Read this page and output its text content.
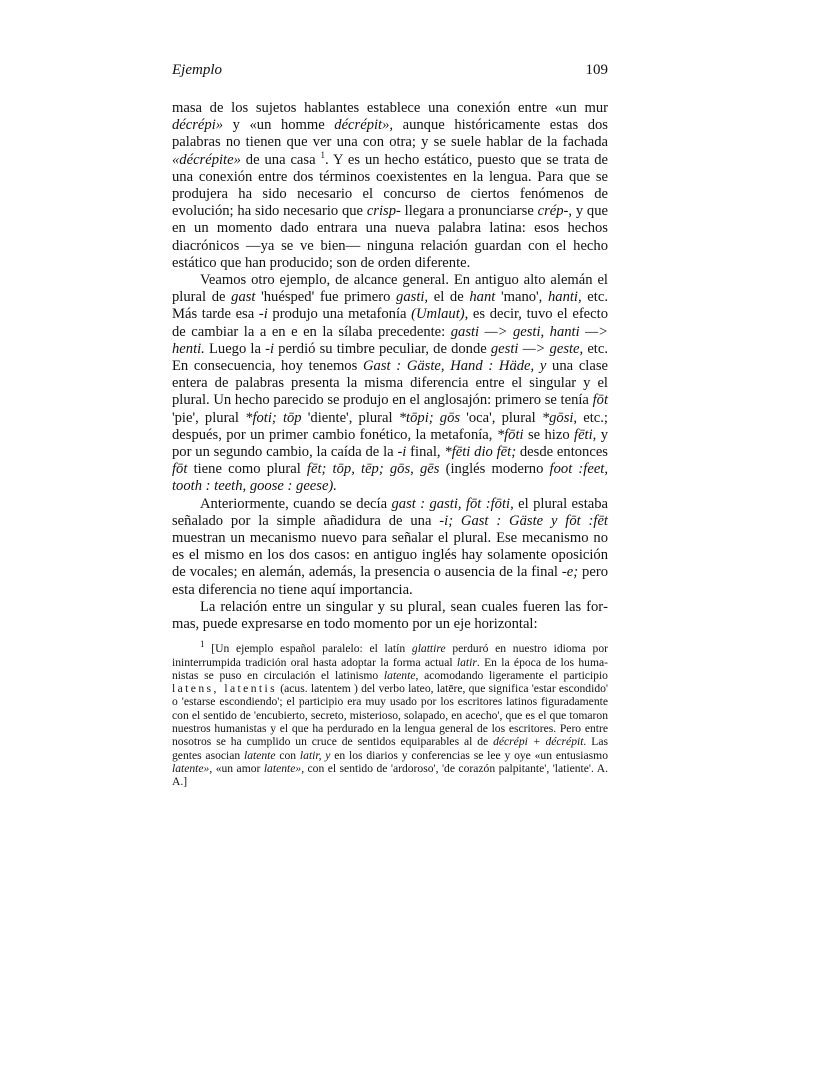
Ejemplo	109

masa de los sujetos hablantes establece una conexión entre «un mur décrépi» y «un homme décrépit», aunque históricamente estas dos palabras no tienen que ver una con otra; y se suele hablar de la fachada «décrépite» de una casa $^1$. Y es un hecho estático, puesto que se trata de una conexión entre dos términos coexistentes en la lengua. Para que se produjera ha sido necesario el concurso de ciertos fenómenos de evolución; ha sido necesario que crisp- llegara a pronunciarse crép-, y que en un momento dado entrara una nueva palabra latina: esos hechos diacrónicos —ya se ve bien— ninguna relación guardan con el hecho estático que han producido; son de orden diferente.

Veamos otro ejemplo, de alcance general. En antiguo alto alemán el plural de gast 'huésped' fue primero gasti, el de hant 'mano', hanti, etc. Más tarde esa -i produjo una metafonía (Umlaut), es decir, tuvo el efecto de cambiar la a en e en la sílaba precedente: gasti —> gesti, hanti —> henti. Luego la -i perdió su timbre peculiar, de donde gesti —> geste, etc. En consecuencia, hoy tenemos Gast : Gäste, Hand : Häde, y una clase entera de palabras presenta la misma diferencia entre el singular y el plural. Un hecho parecido se produjo en el anglosajón: primero se tenía fōt 'pie', plural *foti; tōp 'diente', plural *tōpi; gōs 'oca', plural *gōsi, etc.; después, por un primer cambio fonético, la metafonía, *fōti se hizo fēti, y por un segundo cambio, la caída de la -i final, *fēti dio fēt; desde entonces fōt tiene como plural fēt; tōp, tēp; gōs, gēs (inglés moderno foot :feet, tooth : teeth, goose : geese).

Anteriormente, cuando se decía gast : gasti, fōt :fōti, el plural estaba señalado por la simple añadidura de una -i; Gast : Gäste y fōt :fēt muestran un mecanismo nuevo para señalar el plural. Ese mecanismo no es el mismo en los dos casos: en antiguo inglés hay solamente oposición de vocales; en alemán, además, la presencia o ausencia de la final -e; pero esta diferencia no tiene aquí importancia.

La relación entre un singular y su plural, sean cuales fueren las formas, puede expresarse en todo momento por un eje horizontal:

$^1$ [Un ejemplo español paralelo: el latín glattire perduró en nuestro idioma por ininterrumpida tradición oral hasta adoptar la forma actual latir. En la época de los humanistas se puso en circulación el latinismo latente, acomodando ligeramente el participio latens, latentis (acus. latentem ) del verbo lateo, latēre, que significa 'estar escondido' o 'estarse escondiendo'; el participio era muy usado por los escritores latinos figuradamente con el sentido de 'encubierto, secreto, misterioso, solapado, en acecho', que es el que tomaron nuestros humanistas y el que ha perdurado en la lengua general de los escritores. Pero entre nosotros se ha cumplido un cruce de sentidos equiparables al de décrépi + décrépit. Las gentes asocian latente con latir, y en los diarios y conferencias se lee y oye «un entusiasmo latente», «un amor latente», con el sentido de 'ardoroso', 'de corazón palpitante', 'latiente'. A. A.]
